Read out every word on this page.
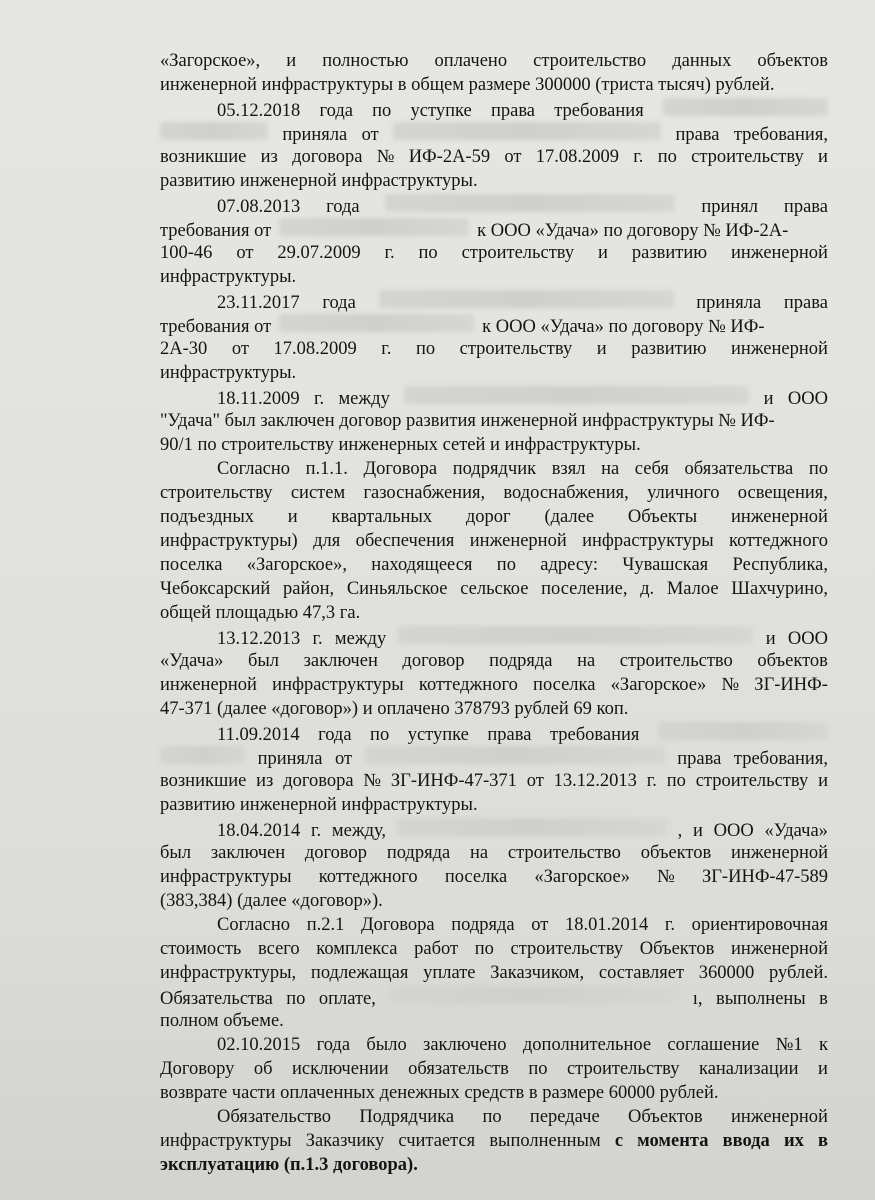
«Загорское», и полностью оплачено строительство данных объектов
инженерной инфраструктуры в общем размере 300000 (триста тысяч) рублей.
05.12.2018 года по уступке права требования
приняла от	права требования,
возникшие из договора № ИФ-2А-59 от 17.08.2009 г. по строительству и
развитию инженерной инфраструктуры.
07.08.2013 года	принял права
требования от	к ООО «Удача» по договору № ИФ-2А-
100-46 от 29.07.2009 г. по строительству и развитию инженерной
инфраструктуры.
23.11.2017 года	приняла права
требования от	к ООО «Удача» по договору № ИФ-
2А-30 от 17.08.2009 г. по строительству и развитию инженерной
инфраструктуры.
18.11.2009 г. между	и ООО
"Удача" был заключен договор развития инженерной инфраструктуры № ИФ-
90/1 по строительству инженерных сетей и инфраструктуры.
Согласно п.1.1. Договора подрядчик взял на себя обязательства по
строительству систем газоснабжения, водоснабжения, уличного освещения,
подъездных и квартальных дорог (далее Объекты инженерной
инфраструктуры) для обеспечения инженерной инфраструктуры коттеджного
поселка «Загорское», находящееся по адресу: Чувашская Республика,
Чебоксарский район, Синьяльское сельское поселение, д. Малое Шахчурино,
общей площадью 47,3 га.
13.12.2013 г. между	и ООО
«Удача» был заключен договор подряда на строительство объектов
инженерной инфраструктуры коттеджного поселка «Загорское» № ЗГ-ИНФ-
47-371 (далее «договор») и оплачено 378793 рублей 69 коп.
11.09.2014 года по уступке права требования
приняла от	права требования,
возникшие из договора № ЗГ-ИНФ-47-371 от 13.12.2013 г. по строительству и
развитию инженерной инфраструктуры.
18.04.2014 г. между,	, и ООО «Удача»
был заключен договор подряда на строительство объектов инженерной
инфраструктуры коттеджного поселка «Загорское» № ЗГ-ИНФ-47-589
(383,384) (далее «договор»).
Согласно п.2.1 Договора подряда от 18.01.2014 г. ориентировочная
стоимость всего комплекса работ по строительству Объектов инженерной
инфраструктуры, подлежащая уплате Заказчиком, составляет 360000 рублей.
Обязательства по оплате,	ı, выполнены в
полном объеме.
02.10.2015 года было заключено дополнительное соглашение №1 к
Договору об исключении обязательств по строительству канализации и
возврате части оплаченных денежных средств в размере 60000 рублей.
Обязательство Подрядчика по передаче Объектов инженерной
инфраструктуры Заказчику считается выполненным с момента ввода их в
эксплуатацию (п.1.3 договора).
